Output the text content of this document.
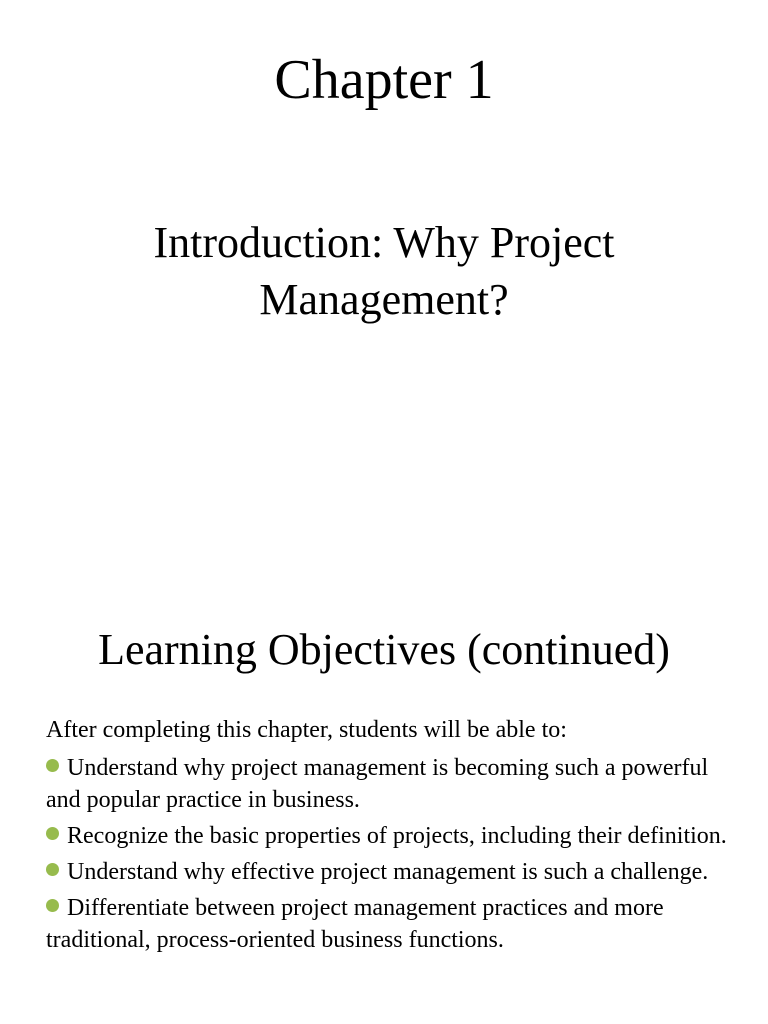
Chapter 1
Introduction: Why Project
Management?
Learning Objectives (continued)

After completing this chapter, students will be able to:

Understand why project management is becoming such a powerful and popular practice in business.
Recognize the basic properties of projects, including their definition.
Understand why effective project management is such a challenge.
Differentiate between project management practices and more traditional, process-oriented business functions.
